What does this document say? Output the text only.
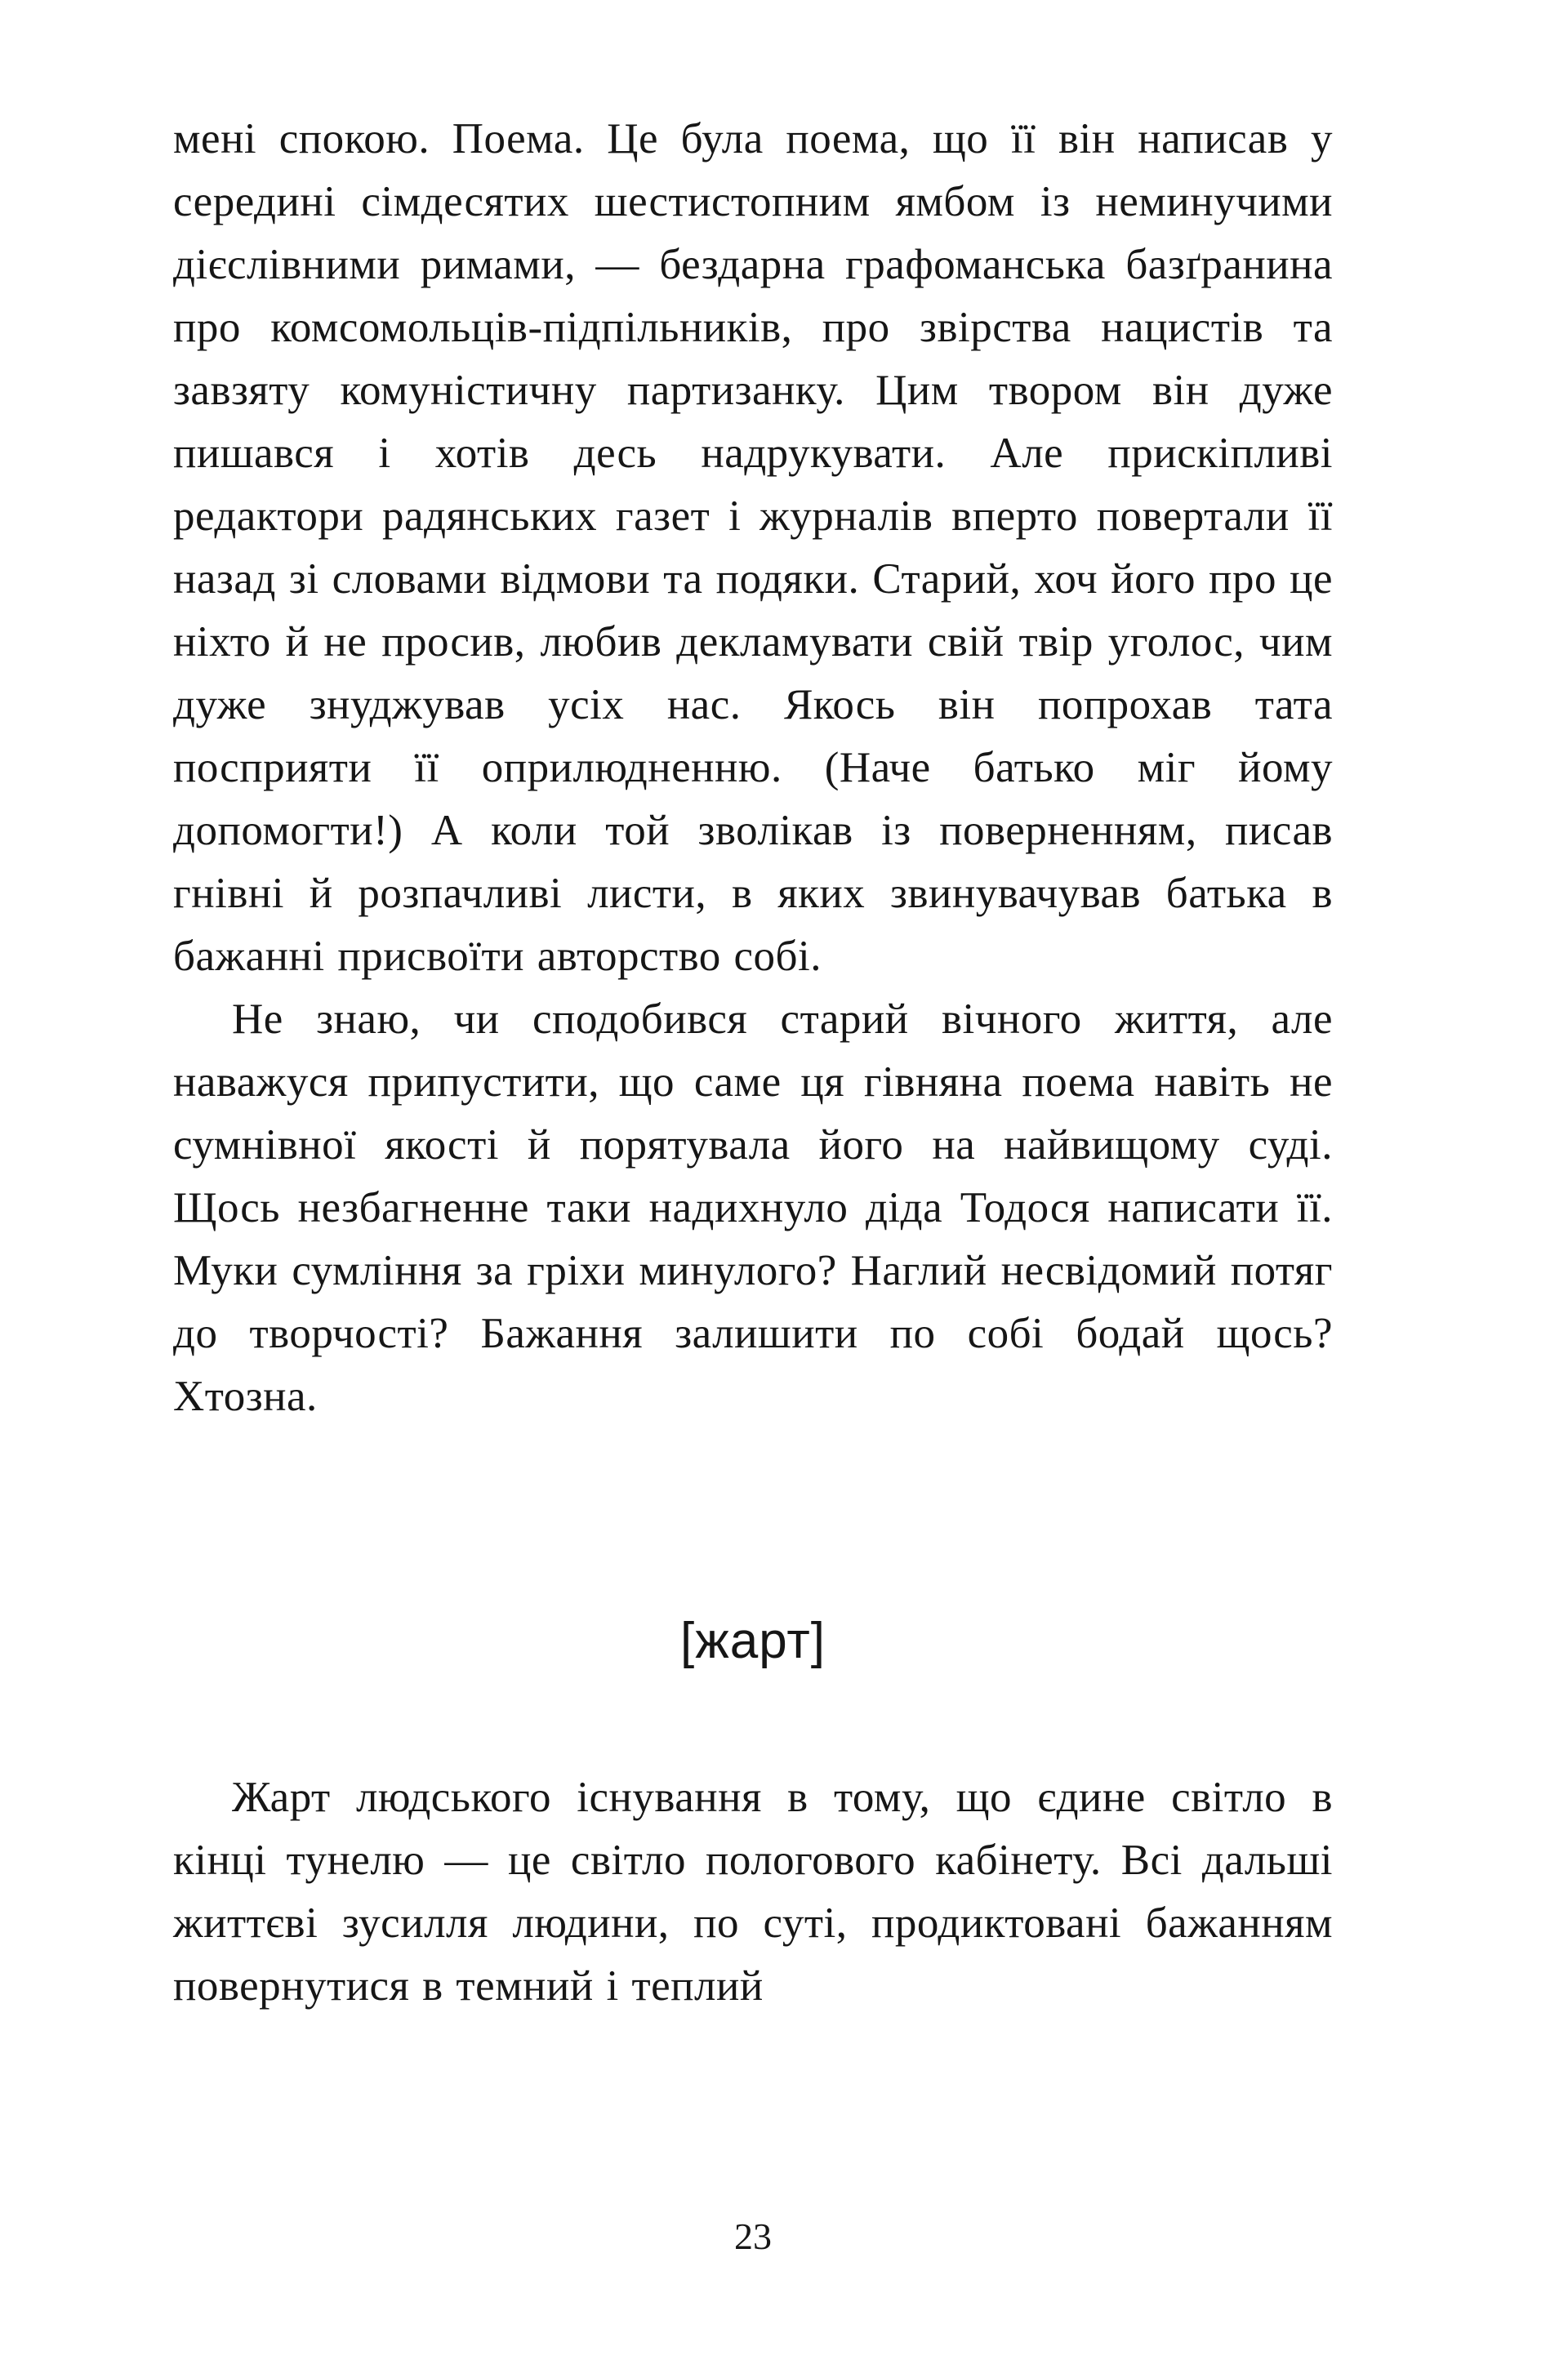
мені спокою. Поема. Це була поема, що її він написав у середині сімдесятих шестистопним ямбом із неминучими дієслівними римами, — бездарна графоманська базґранина про комсомольців-підпільників, про звірства нацистів та завзяту комуністичну партизанку. Цим твором він дуже пишався і хотів десь надрукувати. Але прискіпливі редактори радянських газет і журналів вперто повертали її назад зі словами відмови та подяки. Старий, хоч його про це ніхто й не просив, любив декламувати свій твір уголос, чим дуже знуджував усіх нас. Якось він попрохав тата посприяти її оприлюдненню. (Наче батько міг йому допомогти!) А коли той зволікав із поверненням, писав гнівні й розпачливі листи, в яких звинувачував батька в бажанні присвоїти авторство собі.

Не знаю, чи сподобився старий вічного життя, але наважуся припустити, що саме ця гівняна поема навіть не сумнівної якості й порятувала його на найвищому суді. Щось незбагненне таки надихнуло діда Тодося написати її. Муки сумління за гріхи минулого? Наглий несвідомий потяг до творчості? Бажання залишити по собі бодай щось? Хтозна.

[жарт]

Жарт людського існування в тому, що єдине світло в кінці тунелю — це світло пологового кабінету. Всі дальші життєві зусилля людини, по суті, продиктовані бажанням повернутися в темний і теплий

23
